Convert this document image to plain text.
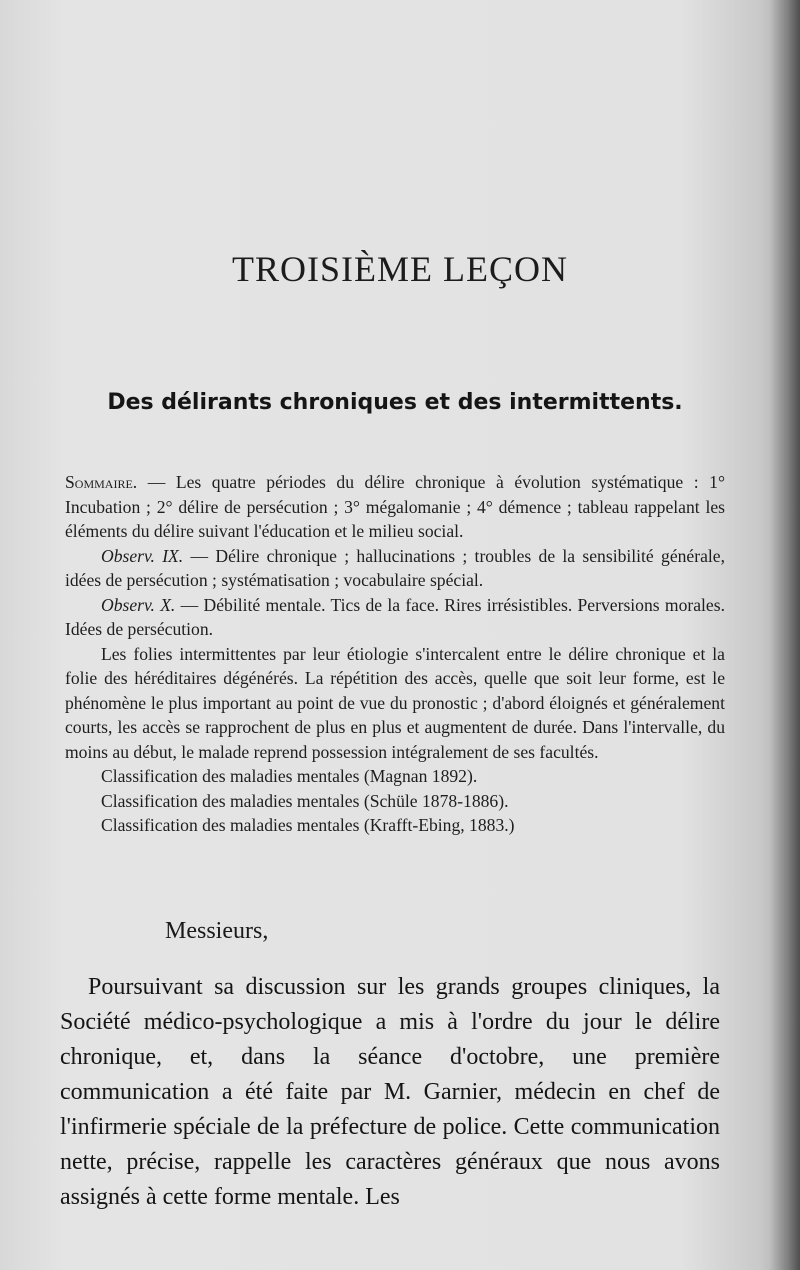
TROISIÈME LEÇON
Des délirants chroniques et des intermittents.

Sommaire. — Les quatre périodes du délire chronique à évolution systématique : 1° Incubation ; 2° délire de persécution ; 3° mégalomanie ; 4° démence ; tableau rappelant les éléments du délire suivant l'éducation et le milieu social.

Observ. IX. — Délire chronique ; hallucinations ; troubles de la sensibilité générale, idées de persécution ; systématisation ; vocabulaire spécial.

Observ. X. — Débilité mentale. Tics de la face. Rires irrésistibles. Perversions morales. Idées de persécution.

Les folies intermittentes par leur étiologie s'intercalent entre le délire chronique et la folie des héréditaires dégénérés. La répétition des accès, quelle que soit leur forme, est le phénomène le plus important au point de vue du pronostic ; d'abord éloignés et généralement courts, les accès se rapprochent de plus en plus et augmentent de durée. Dans l'intervalle, du moins au début, le malade reprend possession intégralement de ses facultés.

Classification des maladies mentales (Magnan 1892).

Classification des maladies mentales (Schüle 1878-1886).

Classification des maladies mentales (Krafft-Ebing, 1883.)

Messieurs,

Poursuivant sa discussion sur les grands groupes cliniques, la Société médico-psychologique a mis à l'ordre du jour le délire chronique, et, dans la séance d'octobre, une première communication a été faite par M. Garnier, médecin en chef de l'infirmerie spéciale de la préfecture de police. Cette communication nette, précise, rappelle les caractères généraux que nous avons assignés à cette forme mentale. Les
